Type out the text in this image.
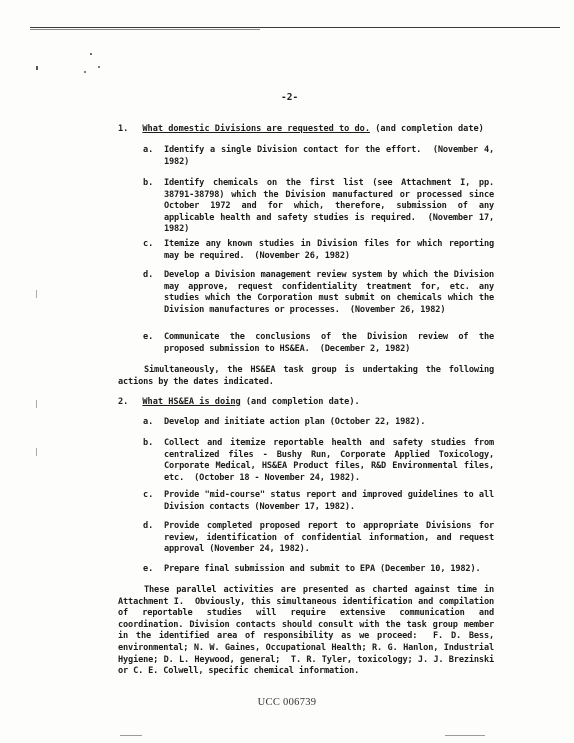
-2-
1. What domestic Divisions are requested to do. (and completion date)
a. Identify a single Division contact for the effort.  (November 4, 1982)
b. Identify chemicals on the first list (see Attachment I, pp. 38791-38798) which the Division manufactured or processed since October 1972 and for which, therefore, submission of any applicable health and safety studies is required.  (November 17, 1982)
c. Itemize any known studies in Division files for which reporting may be required.  (November 26, 1982)
d. Develop a Division management review system by which the Division may approve, request confidentiality treatment for, etc. any studies which the Corporation must submit on chemicals which the Division manufactures or processes.  (November 26, 1982)
e. Communicate the conclusions of the Division review of the proposed submission to HS&EA.  (December 2, 1982)
Simultaneously, the HS&EA task group is undertaking the following actions by the dates indicated.
2. What HS&EA is doing (and completion date).
a. Develop and initiate action plan (October 22, 1982).
b. Collect and itemize reportable health and safety studies from centralized files - Bushy Run, Corporate Applied Toxicology, Corporate Medical, HS&EA Product files, R&D Environmental files, etc.  (October 18 - November 24, 1982).
c. Provide "mid-course" status report and improved guidelines to all Division contacts (November 17, 1982).
d. Provide completed proposed report to appropriate Divisions for review, identification of confidential information, and request approval (November 24, 1982).
e. Prepare final submission and submit to EPA (December 10, 1982).
These parallel activities are presented as charted against time in Attachment I.  Obviously, this simultaneous identification and compilation of reportable studies will require extensive communication and coordination. Division contacts should consult with the task group member in the identified area of responsibility as we proceed:  F. D. Bess, environmental; N. W. Gaines, Occupational Health; R. G. Hanlon, Industrial Hygiene; D. L. Heywood, general;  T. R. Tyler, toxicology; J. J. Brezinski or C. E. Colwell, specific chemical information.
UCC 006739
